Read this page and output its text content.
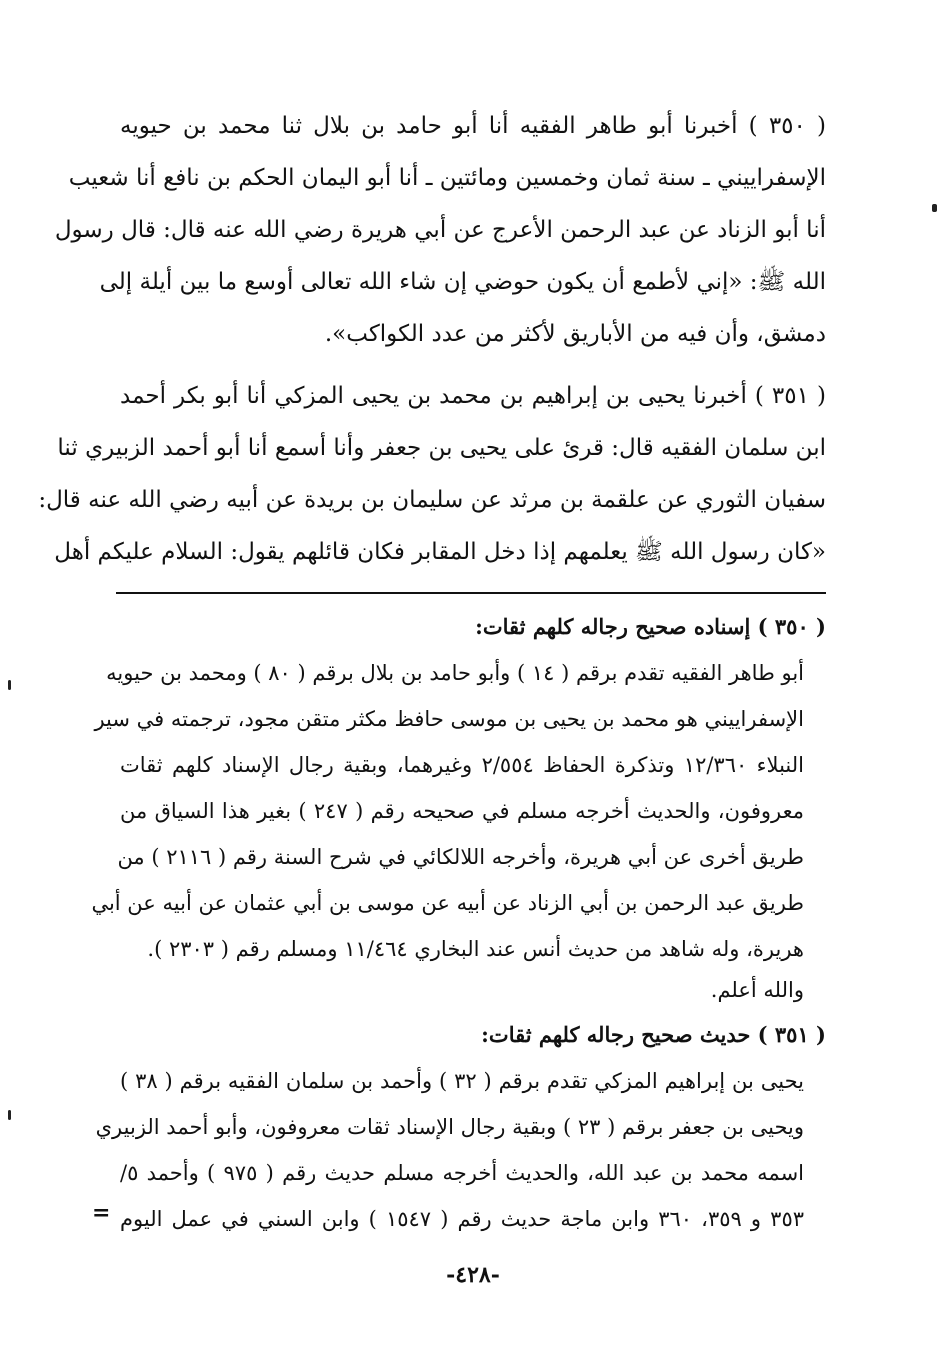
( ٣٥٠ ) أخبرنا أبو طاهر الفقيه أنا أبو حامد بن بلال ثنا محمد بن حيويه
الإسفراييني ـ سنة ثمان وخمسين ومائتين ـ أنا أبو اليمان الحكم بن نافع أنا شعيب
أنا أبو الزناد عن عبد الرحمن الأعرج عن أبي هريرة رضي الله عنه قال: قال رسول
الله ﷺ: «إني لأطمع أن يكون حوضي إن شاء الله تعالى أوسع ما بين أيلة إلى
دمشق، وأن فيه من الأباريق لأكثر من عدد الكواكب».
( ٣٥١ ) أخبرنا يحيى بن إبراهيم بن محمد بن يحيى المزكي أنا أبو بكر أحمد
ابن سلمان الفقيه قال: قرئ على يحيى بن جعفر وأنا أسمع أنا أبو أحمد الزبيري ثنا
سفيان الثوري عن علقمة بن مرثد عن سليمان بن بريدة عن أبيه رضي الله عنه قال:
«كان رسول الله ﷺ يعلمهم إذا دخل المقابر فكان قائلهم يقول: السلام عليكم أهل
( ٣٥٠ ) إسناده صحيح رجاله كلهم ثقات:
أبو طاهر الفقيه تقدم برقم ( ١٤ ) وأبو حامد بن بلال برقم ( ٨٠ ) ومحمد بن حيويه
الإسفراييني هو محمد بن يحيى بن موسى حافظ مكثر متقن مجود، ترجمته في سير
النبلاء ١٢/٣٦٠ وتذكرة الحفاظ ٢/٥٥٤ وغيرهما، وبقية رجال الإسناد كلهم ثقات
معروفون، والحديث أخرجه مسلم في صحيحه رقم ( ٢٤٧ ) بغير هذا السياق من
طريق أخرى عن أبي هريرة، وأخرجه اللالكائي في شرح السنة رقم ( ٢١١٦ ) من
طريق عبد الرحمن بن أبي الزناد عن أبيه عن موسى بن أبي عثمان عن أبيه عن أبي
هريرة، وله شاهد من حديث أنس عند البخاري ١١/٤٦٤ ومسلم رقم ( ٢٣٠٣ ).
والله أعلم.
( ٣٥١ ) حديث صحيح رجاله كلهم ثقات:
يحيى بن إبراهيم المزكي تقدم برقم ( ٣٢ ) وأحمد بن سلمان الفقيه برقم ( ٣٨ )
ويحيى بن جعفر برقم ( ٢٣ ) وبقية رجال الإسناد ثقات معروفون، وأبو أحمد الزبيري
اسمه محمد بن عبد الله، والحديث أخرجه مسلم حديث رقم ( ٩٧٥ ) وأحمد ٥/
٣٥٣ و ٣٥٩، ٣٦٠ وابن ماجة حديث رقم ( ١٥٤٧ ) وابن السني في عمل اليوم
=
-٤٢٨-
